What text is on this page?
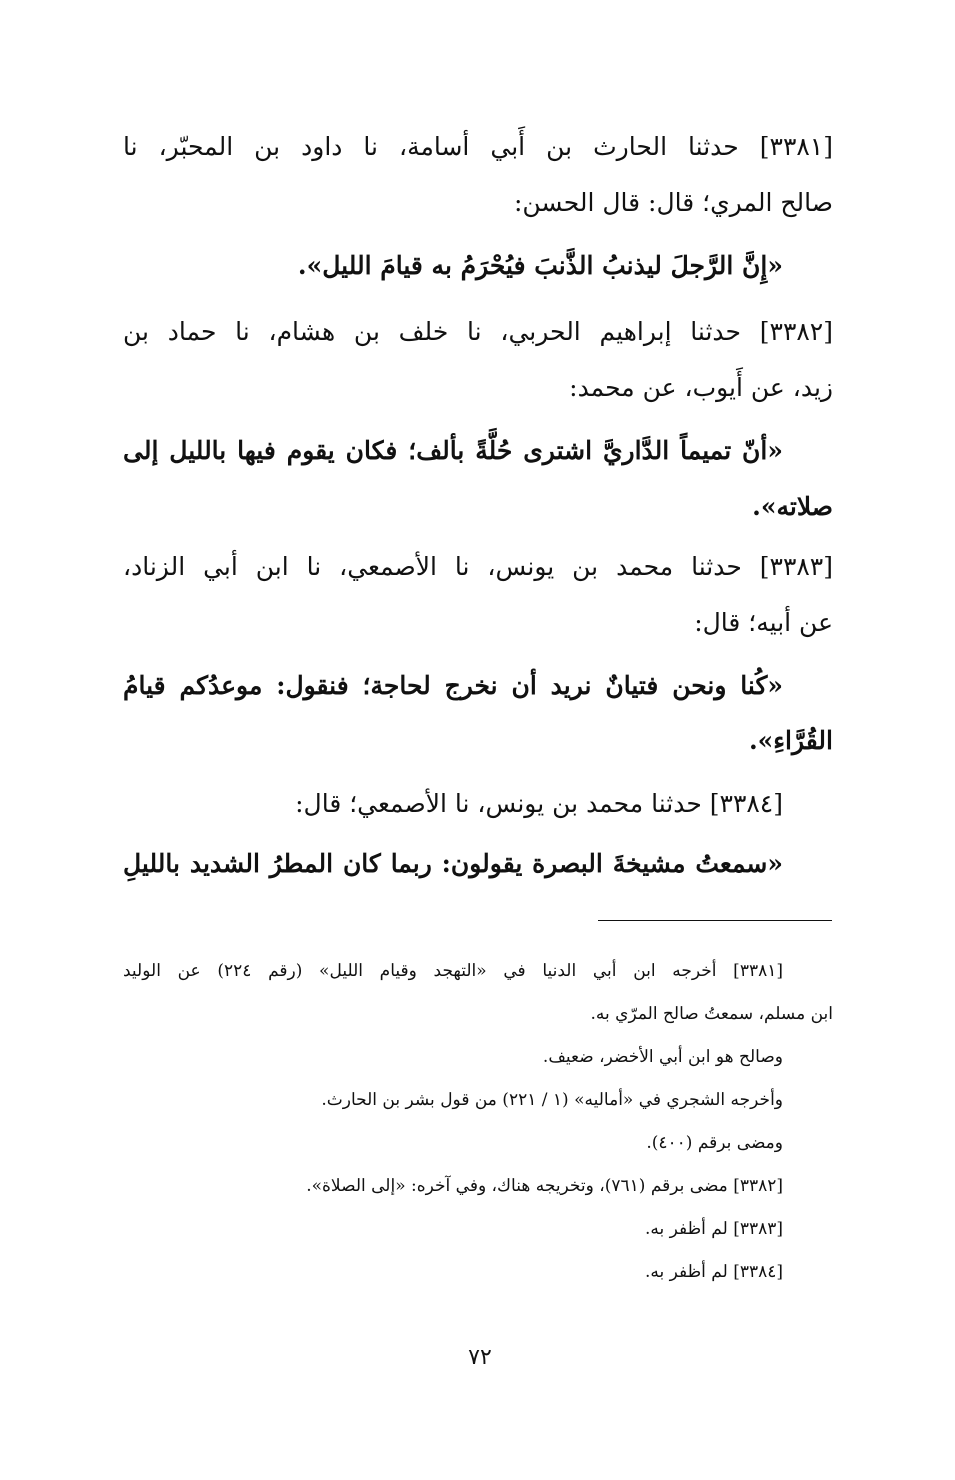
[٣٣٨١] حدثنا الحارث بن أَبي أسامة، نا داود بن المحبّر، نا
صالح المري؛ قال: قال الحسن:
«إِنَّ الرَّجلَ ليذنبُ الذَّنبَ فيُحْرَمُ به قيامَ الليل».
[٣٣٨٢] حدثنا إبراهيم الحربي، نا خلف بن هشام، نا حماد بن
زيد، عن أَيوب، عن محمد:
«أنّ تميماً الدَّاريَّ اشترى حُلَّةً بألف؛ فكان يقوم فيها بالليل إلى
صلاته».
[٣٣٨٣] حدثنا محمد بن يونس، نا الأصمعي، نا ابن أبي الزناد،
عن أبيه؛ قال:
«كُنا ونحن فتيانٌ نريد أن نخرج لحاجة؛ فنقول: موعدُكم قيامُ
القُرَّاءِ».
[٣٣٨٤] حدثنا محمد بن يونس، نا الأصمعي؛ قال:
«سمعتُ مشيخةَ البصرة يقولون: ربما كان المطرُ الشديد بالليلِ
[٣٣٨١] أخرجه ابن أبي الدنيا في «التهجد وقيام الليل» (رقم ٢٢٤) عن الوليد
ابن مسلم، سمعتُ صالح المرّي به.
وصالح هو ابن أبي الأخضر، ضعيف.
وأخرجه الشجري في «أماليه» (١ / ٢٢١) من قول بشر بن الحارث.
ومضى برقم (٤٠٠).
[٣٣٨٢] مضى برقم (٧٦١)، وتخريجه هناك، وفي آخره: «إلى الصلاة».
[٣٣٨٣] لم أظفر به.
[٣٣٨٤] لم أظفر به.
٧٢
